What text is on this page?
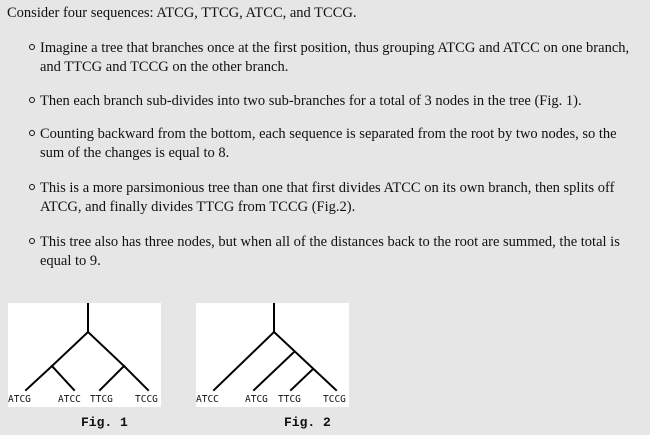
Consider four sequences: ATCG, TTCG, ATCC, and TCCG.
Imagine a tree that branches once at the first position, thus grouping ATCG and ATCC on one branch, and TTCG and TCCG on the other branch.
Then each branch sub-divides into two sub-branches for a total of 3 nodes in the tree (Fig. 1).
Counting backward from the bottom, each sequence is separated from the root by two nodes, so the sum of the changes is equal to 8.
This is a more parsimonious tree than one that first divides ATCC on its own branch, then splits off ATCG, and finally divides TTCG from TCCG (Fig.2).
This tree also has three nodes, but when all of the distances back to the root are summed, the total is equal to 9.
ATCG	ATCC TTCG TCCG
Fig. 1
ATCC	ATCG TTCG TCCG
Fig. 2
